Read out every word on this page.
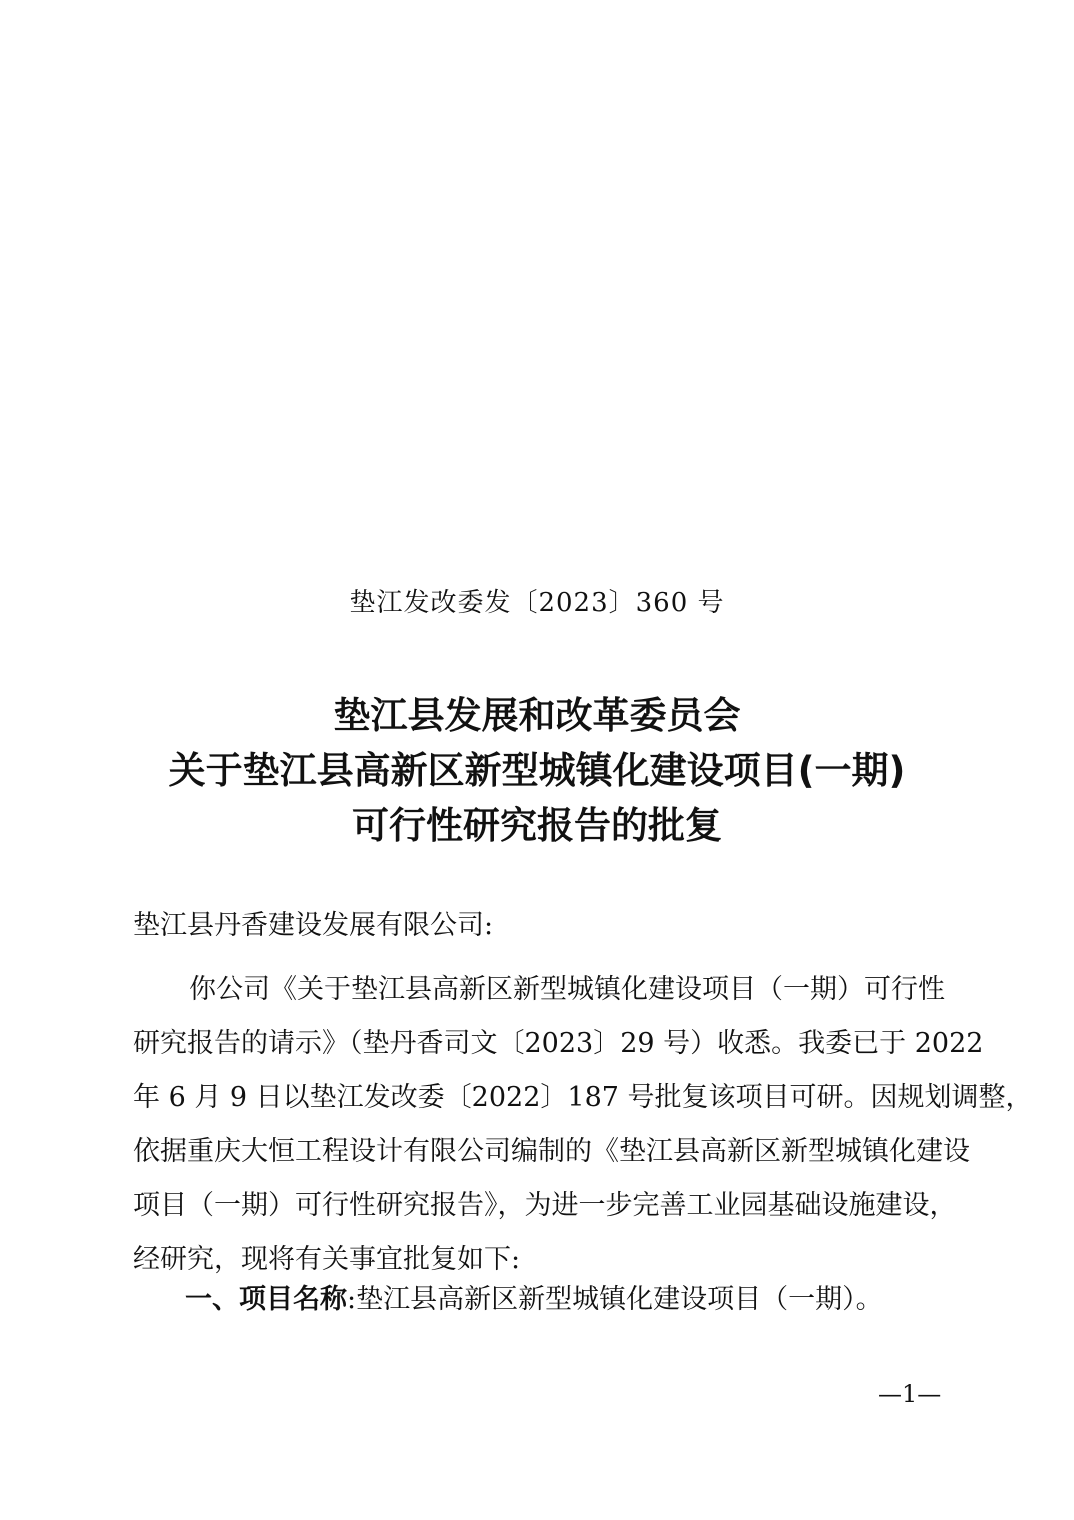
垫江发改委发〔2023〕360 号
垫江县发展和改革委员会
关于垫江县高新区新型城镇化建设项目(一期)
可行性研究报告的批复
垫江县丹香建设发展有限公司:
你公司《关于垫江县高新区新型城镇化建设项目（一期）可行性
研究报告的请示》（垫丹香司文〔2023〕29 号）收悉。我委已于 2022
年 6 月 9 日以垫江发改委〔2022〕187 号批复该项目可研。因规划调整，
依据重庆大恒工程设计有限公司编制的《垫江县高新区新型城镇化建设
项目（一期）可行性研究报告》，为进一步完善工业园基础设施建设，
经研究，现将有关事宜批复如下:
一、项目名称:垫江县高新区新型城镇化建设项目（一期）。
—1—
